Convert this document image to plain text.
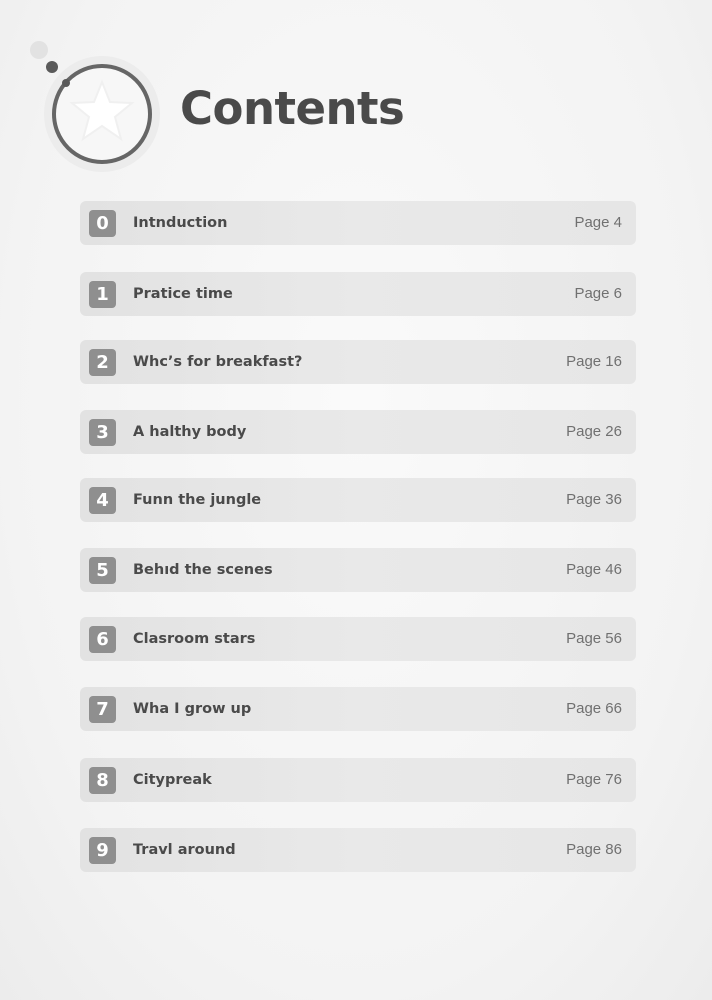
Contents
0	Intnduction	Page 4
1	Pratice time	Page 6
2	Whc’s for breakfast?	Page 16
3	A halthy body	Page 26
4	Funn the jungle	Page 36
5	Behıd the scenes	Page 46
6	Clasroom stars	Page 56
7	Wha I grow up	Page 66
8	Citypreak	Page 76
9	Travl around	Page 86
